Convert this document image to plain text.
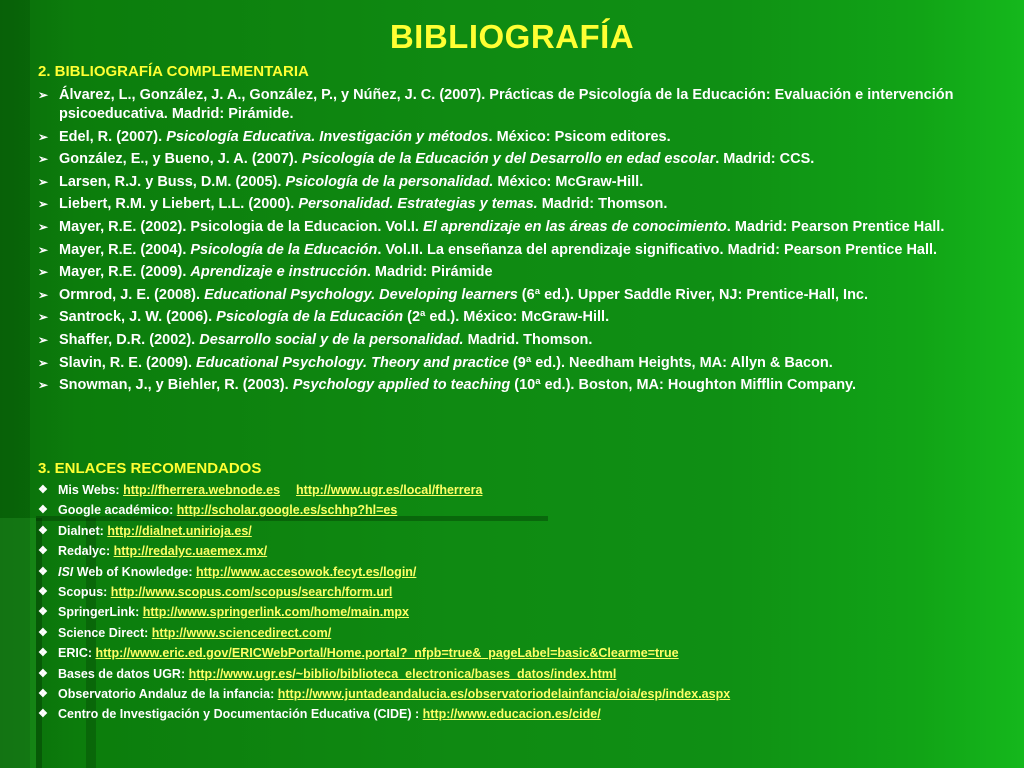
BIBLIOGRAFÍA
2. BIBLIOGRAFÍA COMPLEMENTARIA
➢ Álvarez, L., González, J. A., González, P., y Núñez, J. C. (2007). Prácticas de Psicología de la Educación: Evaluación e intervención psicoeducativa. Madrid: Pirámide.
➢ Edel, R. (2007). Psicología Educativa. Investigación y métodos. México: Psicom editores.
➢ González, E., y Bueno, J. A. (2007). Psicología de la Educación y del Desarrollo en edad escolar. Madrid: CCS.
➢ Larsen, R.J. y Buss, D.M. (2005). Psicología de la personalidad. México: McGraw-Hill.
➢ Liebert, R.M. y Liebert, L.L. (2000). Personalidad. Estrategias y temas. Madrid: Thomson.
➢ Mayer, R.E. (2002). Psicologia de la Educacion. Vol.I. El aprendizaje en las áreas de conocimiento. Madrid: Pearson Prentice Hall.
➢ Mayer, R.E. (2004). Psicología de la Educación. Vol.II. La enseñanza del aprendizaje significativo. Madrid: Pearson Prentice Hall.
➢ Mayer, R.E. (2009). Aprendizaje e instrucción. Madrid: Pirámide
➢ Ormrod, J. E. (2008). Educational Psychology. Developing learners (6ª ed.). Upper Saddle River, NJ: Prentice-Hall, Inc.
➢ Santrock, J. W. (2006). Psicología de la Educación (2ª ed.). México: McGraw-Hill.
➢ Shaffer, D.R. (2002). Desarrollo social y de la personalidad. Madrid. Thomson.
➢ Slavin, R. E. (2009). Educational Psychology. Theory and practice (9ª ed.). Needham Heights, MA: Allyn & Bacon.
➢ Snowman, J., y Biehler, R. (2003). Psychology applied to teaching (10ª ed.). Boston, MA: Houghton Mifflin Company.
3. ENLACES RECOMENDADOS
❖ Mis Webs: http://fherrera.webnode.es http://www.ugr.es/local/fherrera
❖ Google académico: http://scholar.google.es/schhp?hl=es
❖ Dialnet: http://dialnet.unirioja.es/
❖ Redalyc: http://redalyc.uaemex.mx/
❖ ISI Web of Knowledge: http://www.accesowok.fecyt.es/login/
❖ Scopus: http://www.scopus.com/scopus/search/form.url
❖ SpringerLink: http://www.springerlink.com/home/main.mpx
❖ Science Direct: http://www.sciencedirect.com/
❖ ERIC: http://www.eric.ed.gov/ERICWebPortal/Home.portal?_nfpb=true&_pageLabel=basic&Clearme=true
❖ Bases de datos UGR: http://www.ugr.es/~biblio/biblioteca_electronica/bases_datos/index.html
❖ Observatorio Andaluz de la infancia: http://www.juntadeandalucia.es/observatoriodelainfancia/oia/esp/index.aspx
❖ Centro de Investigación y Documentación Educativa (CIDE) : http://www.educacion.es/cide/
